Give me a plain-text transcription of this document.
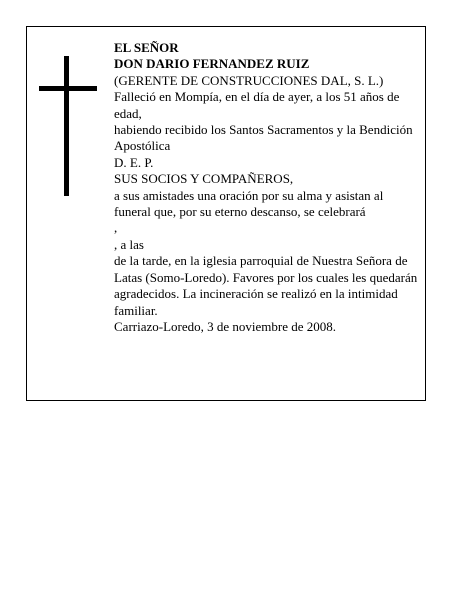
EL SEÑOR
DON DARIO FERNANDEZ RUIZ
(GERENTE DE CONSTRUCCIONES DAL, S. L.)
Falleció en Mompía, en el día de ayer, a los 51 años de edad,
habiendo recibido los Santos Sacramentos y la Bendición Apostólica
D. E. P.
SUS SOCIOS Y COMPAÑEROS,
a sus amistades una oración por su alma y asistan al funeral que, por su eterno descanso, se celebrará
,
, a las
de la tarde, en la iglesia parroquial de Nuestra Señora de Latas (Somo-Loredo). Favores por los cuales les quedarán agradecidos. La incineración se realizó en la intimidad familiar.
Carriazo-Loredo, 3 de noviembre de 2008.
